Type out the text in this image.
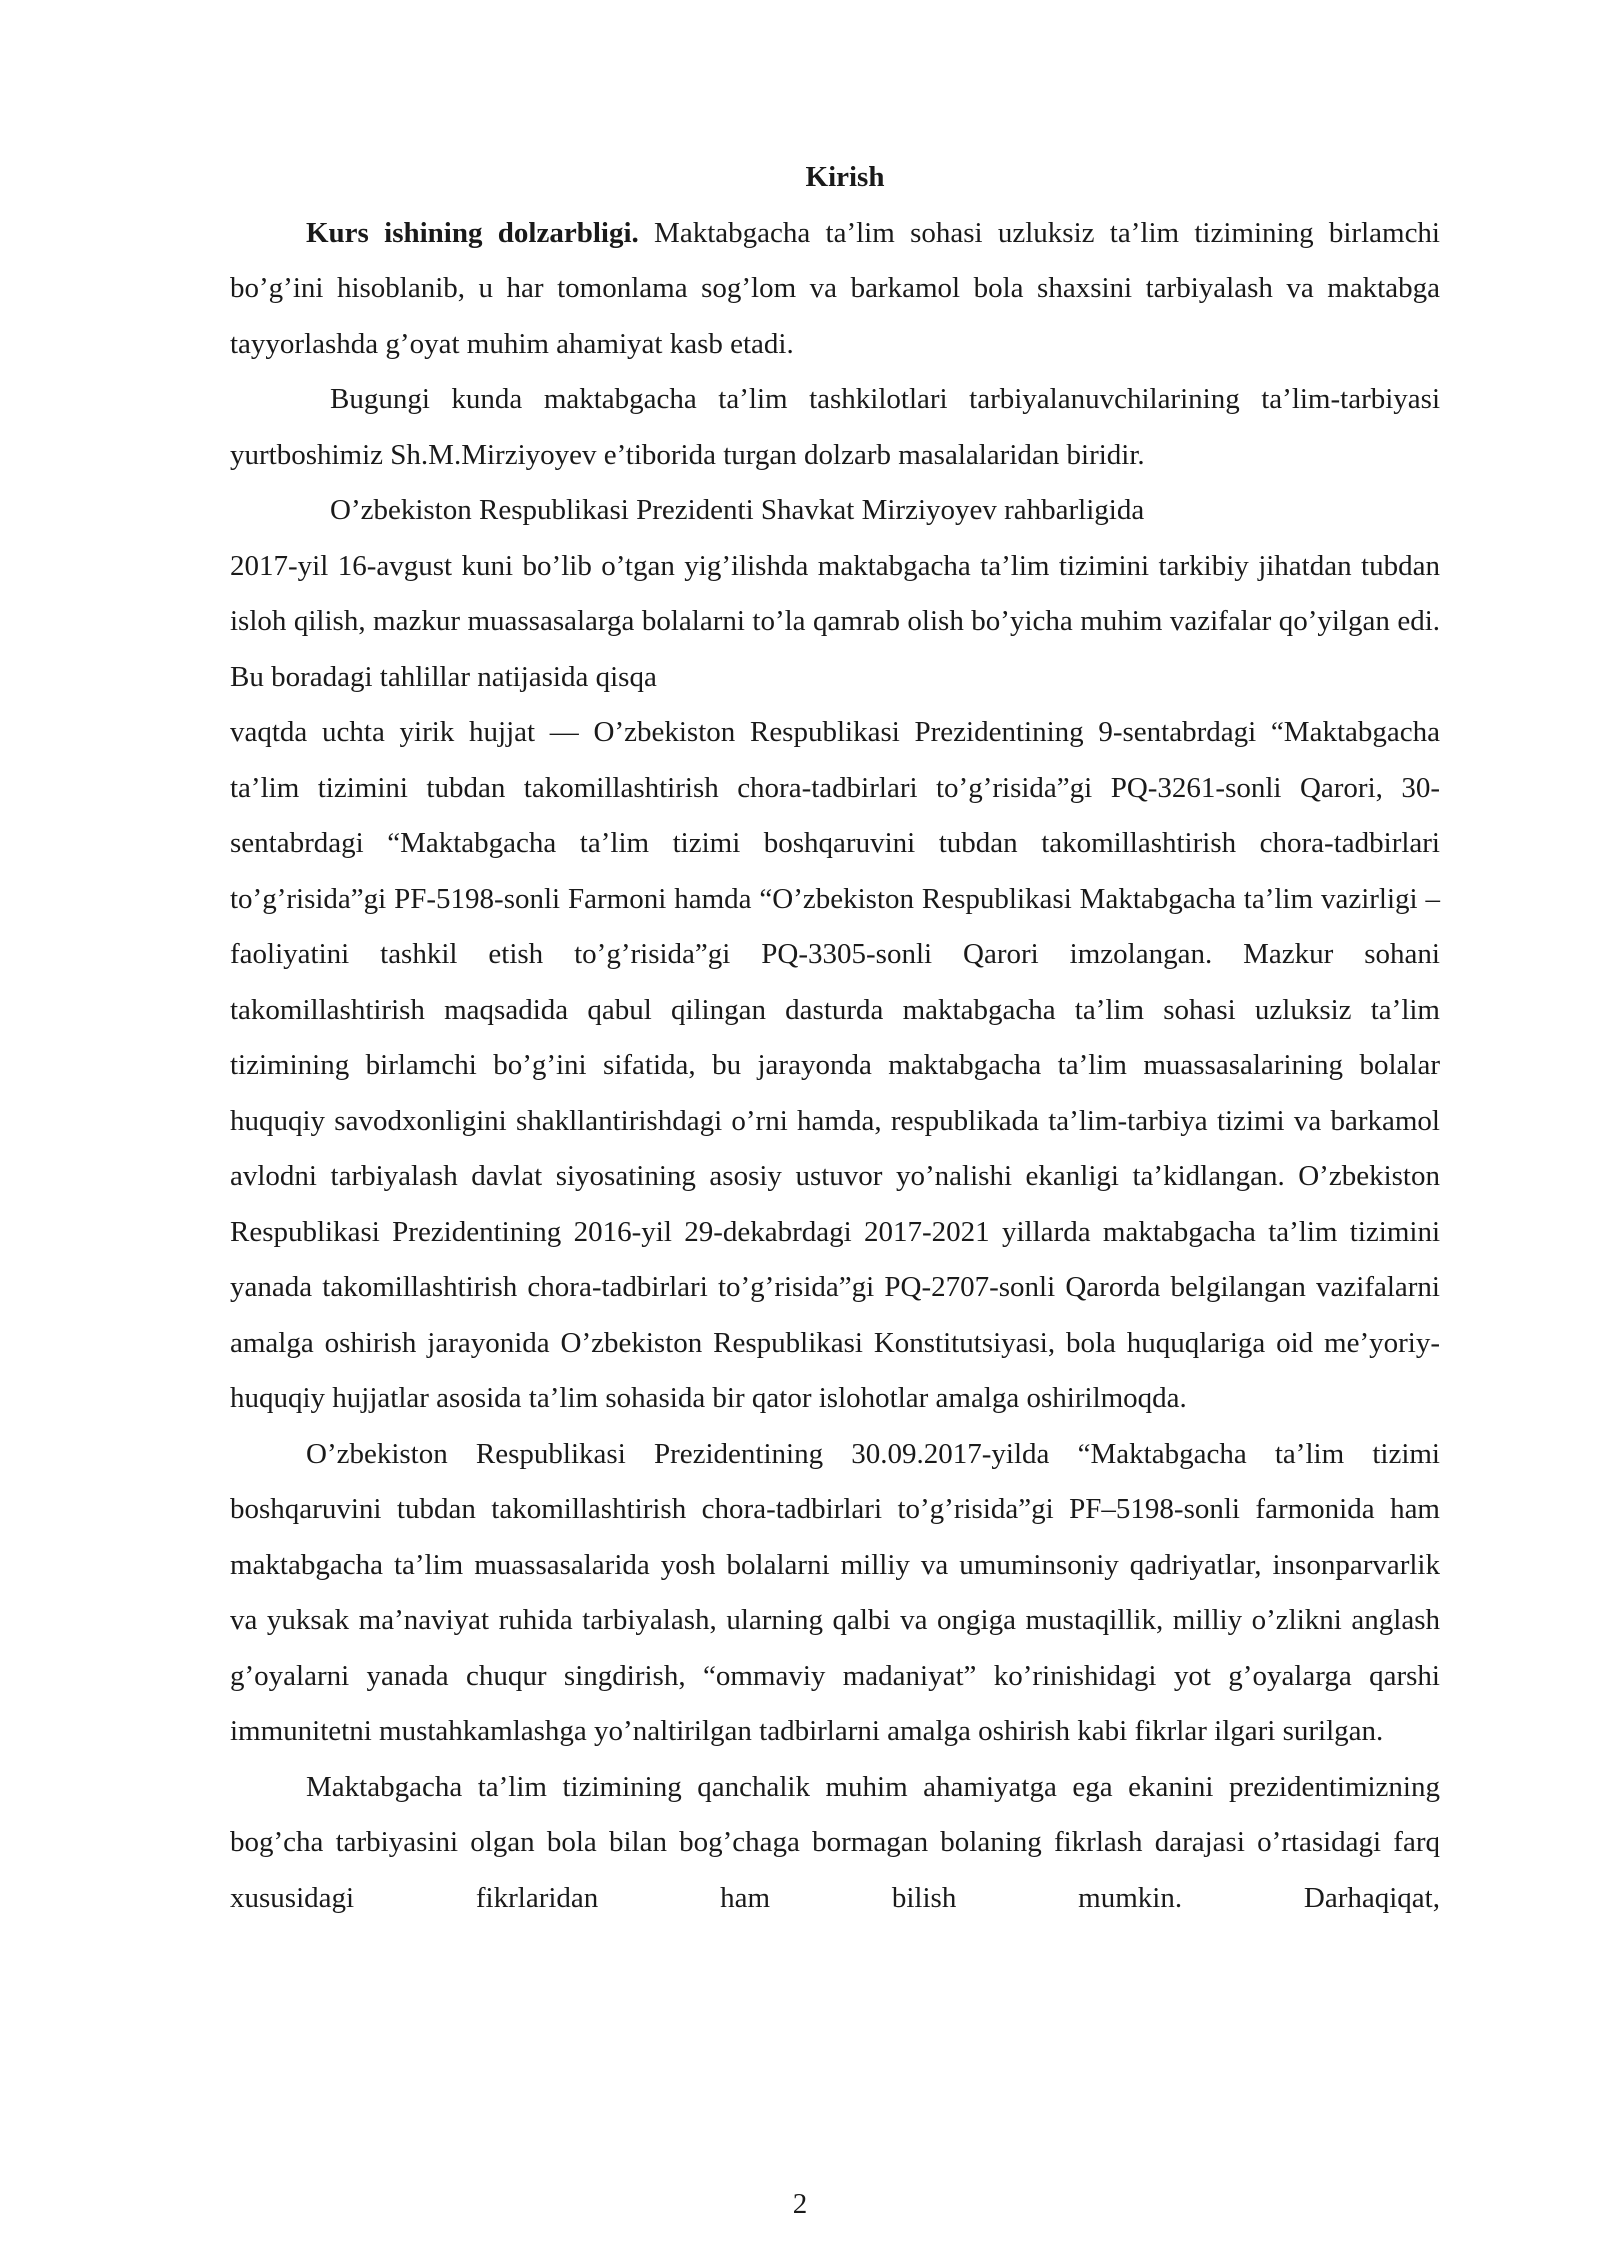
Kirish

Kurs ishining dolzarbligi. Maktabgacha ta’lim sohasi uzluksiz ta’lim tizimining birlamchi bo’g’ini hisoblanib, u har tomonlama sog’lom va barkamol bola shaxsini tarbiyalash va maktabga tayyorlashda g’oyat muhim ahamiyat kasb etadi.

Bugungi kunda maktabgacha ta’lim tashkilotlari tarbiyalanuvchilarining ta’lim-tarbiyasi yurtboshimiz Sh.M.Mirziyoyev e’tiborida turgan dolzarb masalalaridan biridir.

O’zbekiston Respublikasi Prezidenti Shavkat Mirziyoyev rahbarligida

2017-yil 16-avgust kuni bo’lib o’tgan yig’ilishda maktabgacha ta’lim tizimini tarkibiy jihatdan tubdan isloh qilish, mazkur muassasalarga bolalarni to’la qamrab olish bo’yicha muhim vazifalar qo’yilgan edi. Bu boradagi tahlillar natijasida qisqa

vaqtda uchta yirik hujjat — O’zbekiston Respublikasi Prezidentining 9-sentabrdagi “Maktabgacha ta’lim tizimini tubdan takomillashtirish chora-tadbirlari to’g’risida”gi PQ-3261-sonli Qarori, 30-sentabrdagi “Maktabgacha ta’lim tizimi boshqaruvini tubdan takomillashtirish chora-tadbirlari to’g’risida”gi PF-5198-sonli Farmoni hamda “O’zbekiston Respublikasi Maktabgacha ta’lim vazirligi – faoliyatini tashkil etish to’g’risida”gi PQ-3305-sonli Qarori imzolangan. Mazkur sohani takomillashtirish maqsadida qabul qilingan dasturda maktabgacha ta’lim sohasi uzluksiz ta’lim tizimining birlamchi bo’g’ini sifatida, bu jarayonda maktabgacha ta’lim muassasalarining bolalar huquqiy savodxonligini shakllantirishdagi o’rni hamda, respublikada ta’lim-tarbiya tizimi va barkamol avlodni tarbiyalash davlat siyosatining asosiy ustuvor yo’nalishi ekanligi ta’kidlangan. O’zbekiston Respublikasi Prezidentining 2016-yil 29-dekabrdagi 2017-2021 yillarda maktabgacha ta’lim tizimini yanada takomillashtirish chora-tadbirlari to’g’risida”gi PQ-2707-sonli Qarorda belgilangan vazifalarni amalga oshirish jarayonida O’zbekiston Respublikasi Konstitutsiyasi, bola huquqlariga oid me’yoriy-huquqiy hujjatlar asosida ta’lim sohasida bir qator islohotlar amalga oshirilmoqda.

O’zbekiston Respublikasi Prezidentining 30.09.2017-yilda “Maktabgacha ta’lim tizimi boshqaruvini tubdan takomillashtirish chora-tadbirlari to’g’risida”gi PF–5198-sonli farmonida ham maktabgacha ta’lim muassasalarida yosh bolalarni milliy va umuminsoniy qadriyatlar, insonparvarlik va yuksak ma’naviyat ruhida tarbiyalash, ularning qalbi va ongiga mustaqillik, milliy o’zlikni anglash g’oyalarni yanada chuqur singdirish, “ommaviy madaniyat” ko’rinishidagi yot g’oyalarga qarshi immunitetni mustahkamlashga yo’naltirilgan tadbirlarni amalga oshirish kabi fikrlar ilgari surilgan.

Maktabgacha ta’lim tizimining qanchalik muhim ahamiyatga ega ekanini prezidentimizning bog’cha tarbiyasini olgan bola bilan bog’chaga bormagan bolaning fikrlash darajasi o’rtasidagi farq xususidagi fikrlaridan ham bilish mumkin. Darhaqiqat,

2
